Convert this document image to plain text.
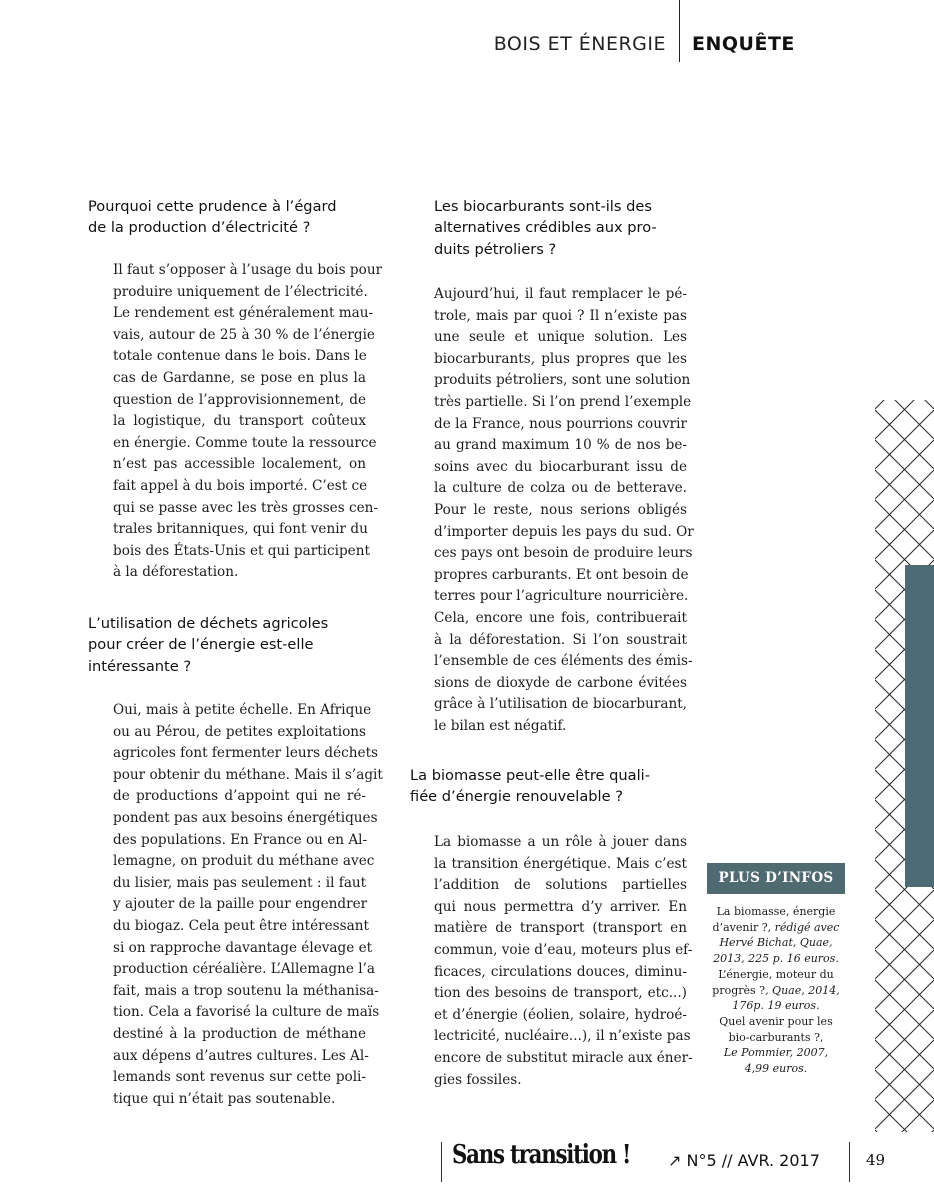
BOIS ET ÉNERGIE ENQUÊTE
Pourquoi cette prudence à l’égard
de la production d’électricité ?
Il faut s’opposer à l’usage du bois pour
produire uniquement de l’électricité.
Le rendement est généralement mau-
vais, autour de 25 à 30 % de l’énergie
totale contenue dans le bois. Dans le
cas de Gardanne, se pose en plus la
question de l’approvisionnement, de
la logistique, du transport coûteux
en énergie. Comme toute la ressource
n’est pas accessible localement, on
fait appel à du bois importé. C’est ce
qui se passe avec les très grosses cen-
trales britanniques, qui font venir du
bois des États-Unis et qui participent
à la déforestation.
L’utilisation de déchets agricoles
pour créer de l’énergie est-elle
intéressante ?
Oui, mais à petite échelle. En Afrique
ou au Pérou, de petites exploitations
agricoles font fermenter leurs déchets
pour obtenir du méthane. Mais il s’agit
de productions d’appoint qui ne ré-
pondent pas aux besoins énergétiques
des populations. En France ou en Al-
lemagne, on produit du méthane avec
du lisier, mais pas seulement : il faut
y ajouter de la paille pour engendrer
du biogaz. Cela peut être intéressant
si on rapproche davantage élevage et
production céréalière. L’Allemagne l’a
fait, mais a trop soutenu la méthanisa-
tion. Cela a favorisé la culture de maïs
destiné à la production de méthane
aux dépens d’autres cultures. Les Al-
lemands sont revenus sur cette poli-
tique qui n’était pas soutenable.
Les biocarburants sont-ils des
alternatives crédibles aux pro-
duits pétroliers ?
Aujourd’hui, il faut remplacer le pé-
trole, mais par quoi ? Il n’existe pas
une seule et unique solution. Les
biocarburants, plus propres que les
produits pétroliers, sont une solution
très partielle. Si l’on prend l’exemple
de la France, nous pourrions couvrir
au grand maximum 10 % de nos be-
soins avec du biocarburant issu de
la culture de colza ou de betterave.
Pour le reste, nous serions obligés
d’importer depuis les pays du sud. Or
ces pays ont besoin de produire leurs
propres carburants. Et ont besoin de
terres pour l’agriculture nourricière.
Cela, encore une fois, contribuerait
à la déforestation. Si l’on soustrait
l’ensemble de ces éléments des émis-
sions de dioxyde de carbone évitées
grâce à l’utilisation de biocarburant,
le bilan est négatif.
La biomasse peut-elle être quali-
fiée d’énergie renouvelable ?
La biomasse a un rôle à jouer dans
la transition énergétique. Mais c’est
l’addition de solutions partielles
qui nous permettra d’y arriver. En
matière de transport (transport en
commun, voie d’eau, moteurs plus ef-
ficaces, circulations douces, diminu-
tion des besoins de transport, etc...)
et d’énergie (éolien, solaire, hydroé-
lectricité, nucléaire...), il n’existe pas
encore de substitut miracle aux éner-
gies fossiles.
PLUS D’INFOS
La biomasse, énergie
d’avenir ?, rédigé avec
Hervé Bichat, Quae,
2013, 225 p. 16 euros.
L’énergie, moteur du
progrès ?, Quae, 2014,
176p. 19 euros.
Quel avenir pour les
bio-carburants ?,
Le Pommier, 2007,
4,99 euros.
Sans transition ! ↗ N°5 // AVR. 2017	49
